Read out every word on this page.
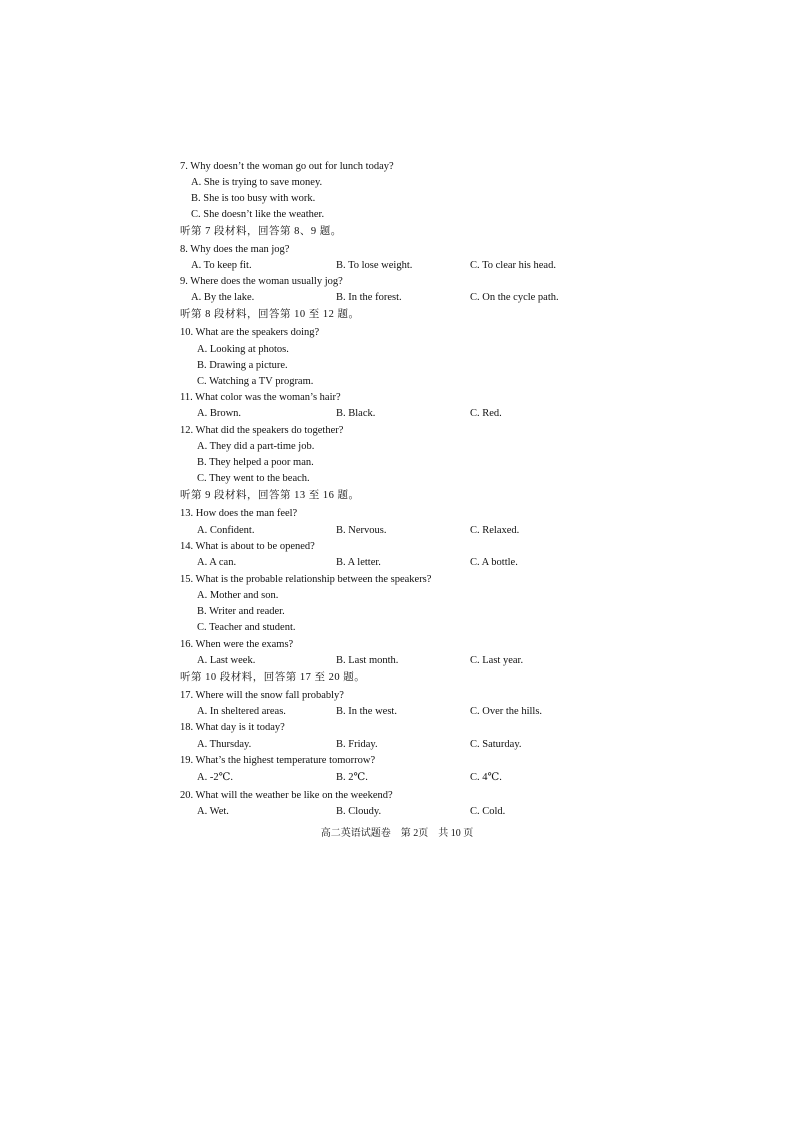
7. Why doesn’t the woman go out for lunch today?
A. She is trying to save money.
B. She is too busy with work.
C. She doesn’t like the weather.
听第 7 段材料，回答第 8、9 题。
8. Why does the man jog?
A. To keep fit.	B. To lose weight.	C. To clear his head.
9. Where does the woman usually jog?
A. By the lake.	B. In the forest.	C. On the cycle path.
听第 8 段材料，回答第 10 至 12 题。
10. What are the speakers doing?
A. Looking at photos.
B. Drawing a picture.
C. Watching a TV program.
11. What color was the woman’s hair?
A. Brown.	B. Black.	C. Red.
12. What did the speakers do together?
A. They did a part-time job.
B. They helped a poor man.
C. They went to the beach.
听第 9 段材料，回答第 13 至 16 题。
13. How does the man feel?
A. Confident.	B. Nervous.	C. Relaxed.
14. What is about to be opened?
A. A can.	B. A letter.	C. A bottle.
15. What is the probable relationship between the speakers?
A. Mother and son.
B. Writer and reader.
C. Teacher and student.
16. When were the exams?
A. Last week.	B. Last month.	C. Last year.
听第 10 段材料，回答第 17 至 20 题。
17. Where will the snow fall probably?
A. In sheltered areas.	B. In the west.	C. Over the hills.
18. What day is it today?
A. Thursday.	B. Friday.	C. Saturday.
19. What’s the highest temperature tomorrow?
A. -2℃.	B. 2℃.	C. 4℃.
20. What will the weather be like on the weekend?
A. Wet.	B. Cloudy.	C. Cold.
高二英语试题卷　第 2页　共 10 页
